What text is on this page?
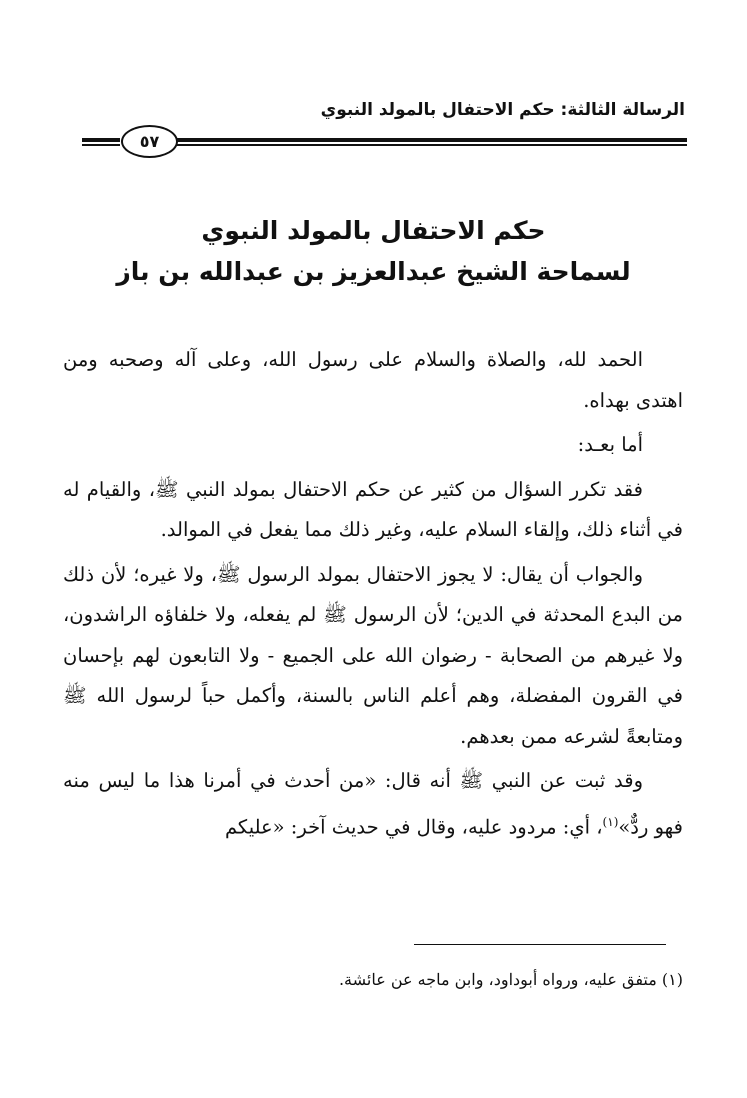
الرسالة الثالثة: حكم الاحتفال بالمولد النبوي
٥٧
حكم الاحتفال بالمولد النبوي
لسماحة الشيخ عبدالعزيز بن عبدالله بن باز

الحمد لله، والصلاة والسلام على رسول الله، وعلى آله وصحبه ومن اهتدى بهداه.

أما بعـد:

فقد تكرر السؤال من كثير عن حكم الاحتفال بمولد النبي ﷺ، والقيام له في أثناء ذلك، وإلقاء السلام عليه، وغير ذلك مما يفعل في الموالد.

والجواب أن يقال: لا يجوز الاحتفال بمولد الرسول ﷺ، ولا غيره؛ لأن ذلك من البدع المحدثة في الدين؛ لأن الرسول ﷺ لم يفعله، ولا خلفاؤه الراشدون، ولا غيرهم من الصحابة - رضوان الله على الجميع - ولا التابعون لهم بإحسان في القرون المفضلة، وهم أعلم الناس بالسنة، وأكمل حباً لرسول الله ﷺ ومتابعةً لشرعه ممن بعدهم.

وقد ثبت عن النبي ﷺ أنه قال: «من أحدث في أمرنا هذا ما ليس منه فهو ردٌّ»$^{(١)}$، أي: مردود عليه، وقال في حديث آخر: «عليكم

(١) متفق عليه، ورواه أبوداود، وابن ماجه عن عائشة.
